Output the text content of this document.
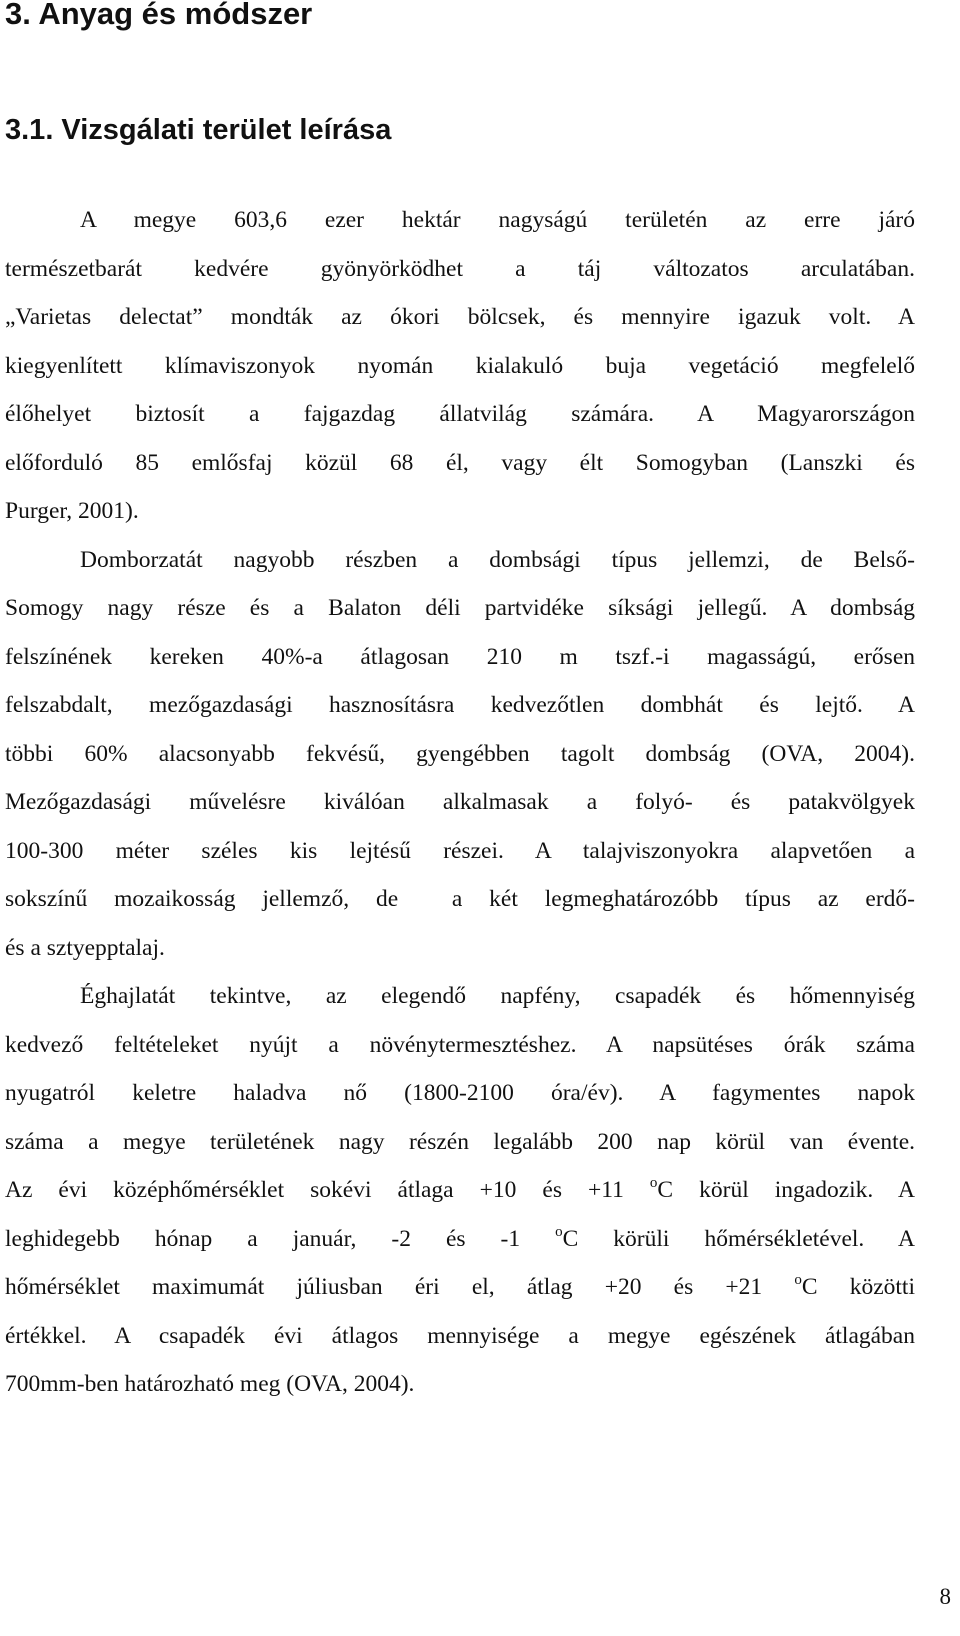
3. Anyag és módszer
3.1. Vizsgálati terület leírása
A megye 603,6 ezer hektár nagyságú területén az erre járó
természetbarát kedvére gyönyörködhet a táj változatos arculatában.
„Varietas delectat” mondták az ókori bölcsek, és mennyire igazuk volt. A
kiegyenlített klímaviszonyok nyomán kialakuló buja vegetáció megfelelő
élőhelyet biztosít a fajgazdag állatvilág számára. A Magyarországon
előforduló 85 emlősfaj közül 68 él, vagy élt Somogyban (Lanszki és
Purger, 2001).
Domborzatát nagyobb részben a dombsági típus jellemzi, de Belső-
Somogy nagy része és a Balaton déli partvidéke síksági jellegű. A dombság
felszínének kereken 40%-a átlagosan 210 m tszf.-i magasságú, erősen
felszabdalt, mezőgazdasági hasznosításra kedvezőtlen dombhát és lejtő. A
többi 60% alacsonyabb fekvésű, gyengébben tagolt dombság (OVA, 2004).
Mezőgazdasági művelésre kiválóan alkalmasak a folyó- és patakvölgyek
100-300 méter széles kis lejtésű részei. A talajviszonyokra alapvetően a
sokszínű mozaikosság jellemző, de  a két legmeghatározóbb típus az erdő-
és a sztyepptalaj.
Éghajlatát tekintve, az elegendő napfény, csapadék és hőmennyiség
kedvező feltételeket nyújt a növénytermesztéshez. A napsütéses órák száma
nyugatról keletre haladva nő (1800-2100 óra/év). A fagymentes napok
száma a megye területének nagy részén legalább 200 nap körül van évente.
Az évi középhőmérséklet sokévi átlaga +10 és +11 $^o$C körül ingadozik. A
leghidegebb hónap a január, -2 és -1 $^o$C körüli hőmérsékletével. A
hőmérséklet maximumát júliusban éri el, átlag +20 és +21 $^o$C közötti
értékkel. A csapadék évi átlagos mennyisége a megye egészének átlagában
700mm-ben határozható meg (OVA, 2004).
8
